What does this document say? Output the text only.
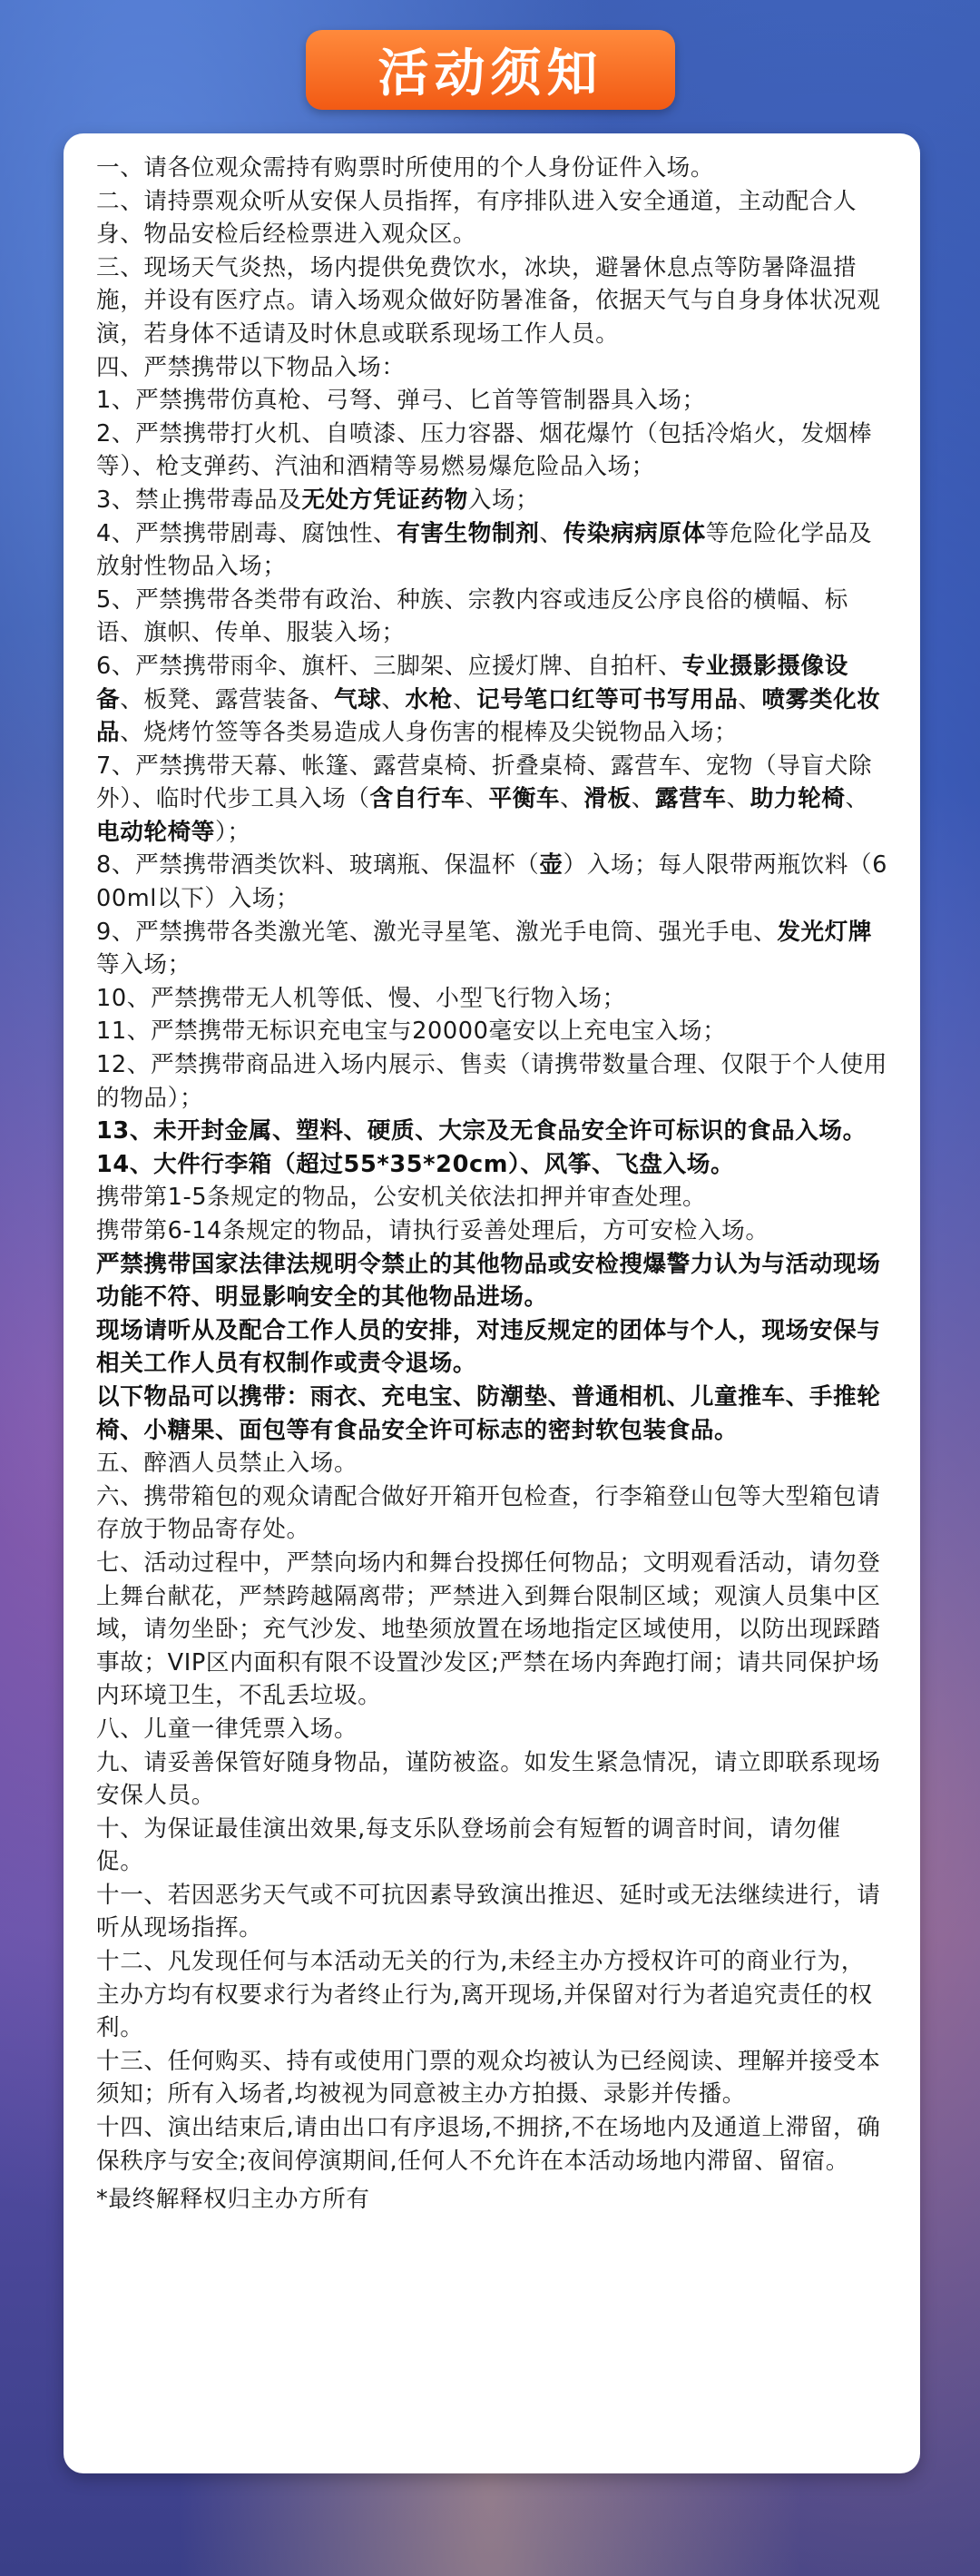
活动须知

一、请各位观众需持有购票时所使用的个人身份证件入场。

二、请持票观众听从安保人员指挥，有序排队进入安全通道，主动配合人身、物品安检后经检票进入观众区。

三、现场天气炎热，场内提供免费饮水，冰块，避暑休息点等防暑降温措施，并设有医疗点。请入场观众做好防暑准备，依据天气与自身身体状况观演，若身体不适请及时休息或联系现场工作人员。

四、严禁携带以下物品入场：

1、严禁携带仿真枪、弓弩、弹弓、匕首等管制器具入场；

2、严禁携带打火机、自喷漆、压力容器、烟花爆竹（包括冷焰火，发烟棒等）、枪支弹药、汽油和酒精等易燃易爆危险品入场；

3、禁止携带毒品及无处方凭证药物入场；

4、严禁携带剧毒、腐蚀性、有害生物制剂、传染病病原体等危险化学品及放射性物品入场；

5、严禁携带各类带有政治、种族、宗教内容或违反公序良俗的横幅、标语、旗帜、传单、服装入场；

6、严禁携带雨伞、旗杆、三脚架、应援灯牌、自拍杆、专业摄影摄像设备、板凳、露营装备、气球、水枪、记号笔口红等可书写用品、喷雾类化妆品、烧烤竹签等各类易造成人身伤害的棍棒及尖锐物品入场；

7、严禁携带天幕、帐篷、露营桌椅、折叠桌椅、露营车、宠物（导盲犬除外）、临时代步工具入场（含自行车、平衡车、滑板、露营车、助力轮椅、电动轮椅等）；

8、严禁携带酒类饮料、玻璃瓶、保温杯（壶）入场；每人限带两瓶饮料（600ml以下）入场；

9、严禁携带各类激光笔、激光寻星笔、激光手电筒、强光手电、发光灯牌等入场；

10、严禁携带无人机等低、慢、小型飞行物入场；

11、严禁携带无标识充电宝与20000毫安以上充电宝入场；

12、严禁携带商品进入场内展示、售卖（请携带数量合理、仅限于个人使用的物品）；

13、未开封金属、塑料、硬质、大宗及无食品安全许可标识的食品入场。

14、大件行李箱（超过55*35*20cm）、风筝、飞盘入场。

携带第1-5条规定的物品，公安机关依法扣押并审查处理。

携带第6-14条规定的物品，请执行妥善处理后，方可安检入场。

严禁携带国家法律法规明令禁止的其他物品或安检搜爆警力认为与活动现场功能不符、明显影响安全的其他物品进场。

现场请听从及配合工作人员的安排，对违反规定的团体与个人，现场安保与相关工作人员有权制作或责令退场。

以下物品可以携带：雨衣、充电宝、防潮垫、普通相机、儿童推车、手推轮椅、小糖果、面包等有食品安全许可标志的密封软包装食品。

五、醉酒人员禁止入场。

六、携带箱包的观众请配合做好开箱开包检查，行李箱登山包等大型箱包请存放于物品寄存处。

七、活动过程中，严禁向场内和舞台投掷任何物品；文明观看活动，请勿登上舞台献花，严禁跨越隔离带；严禁进入到舞台限制区域；观演人员集中区域，请勿坐卧；充气沙发、地垫须放置在场地指定区域使用，以防出现踩踏事故；VIP区内面积有限不设置沙发区;严禁在场内奔跑打闹；请共同保护场内环境卫生，不乱丢垃圾。

八、儿童一律凭票入场。

九、请妥善保管好随身物品，谨防被盗。如发生紧急情况，请立即联系现场安保人员。

十、为保证最佳演出效果,每支乐队登场前会有短暂的调音时间，请勿催促。

十一、若因恶劣天气或不可抗因素导致演出推迟、延时或无法继续进行，请听从现场指挥。

十二、凡发现任何与本活动无关的行为,未经主办方授权许可的商业行为，主办方均有权要求行为者终止行为,离开现场,并保留对行为者追究责任的权利。

十三、任何购买、持有或使用门票的观众均被认为已经阅读、理解并接受本须知；所有入场者,均被视为同意被主办方拍摄、录影并传播。

十四、演出结束后,请由出口有序退场,不拥挤,不在场地内及通道上滞留，确保秩序与安全;夜间停演期间,任何人不允许在本活动场地内滞留、留宿。

*最终解释权归主办方所有
